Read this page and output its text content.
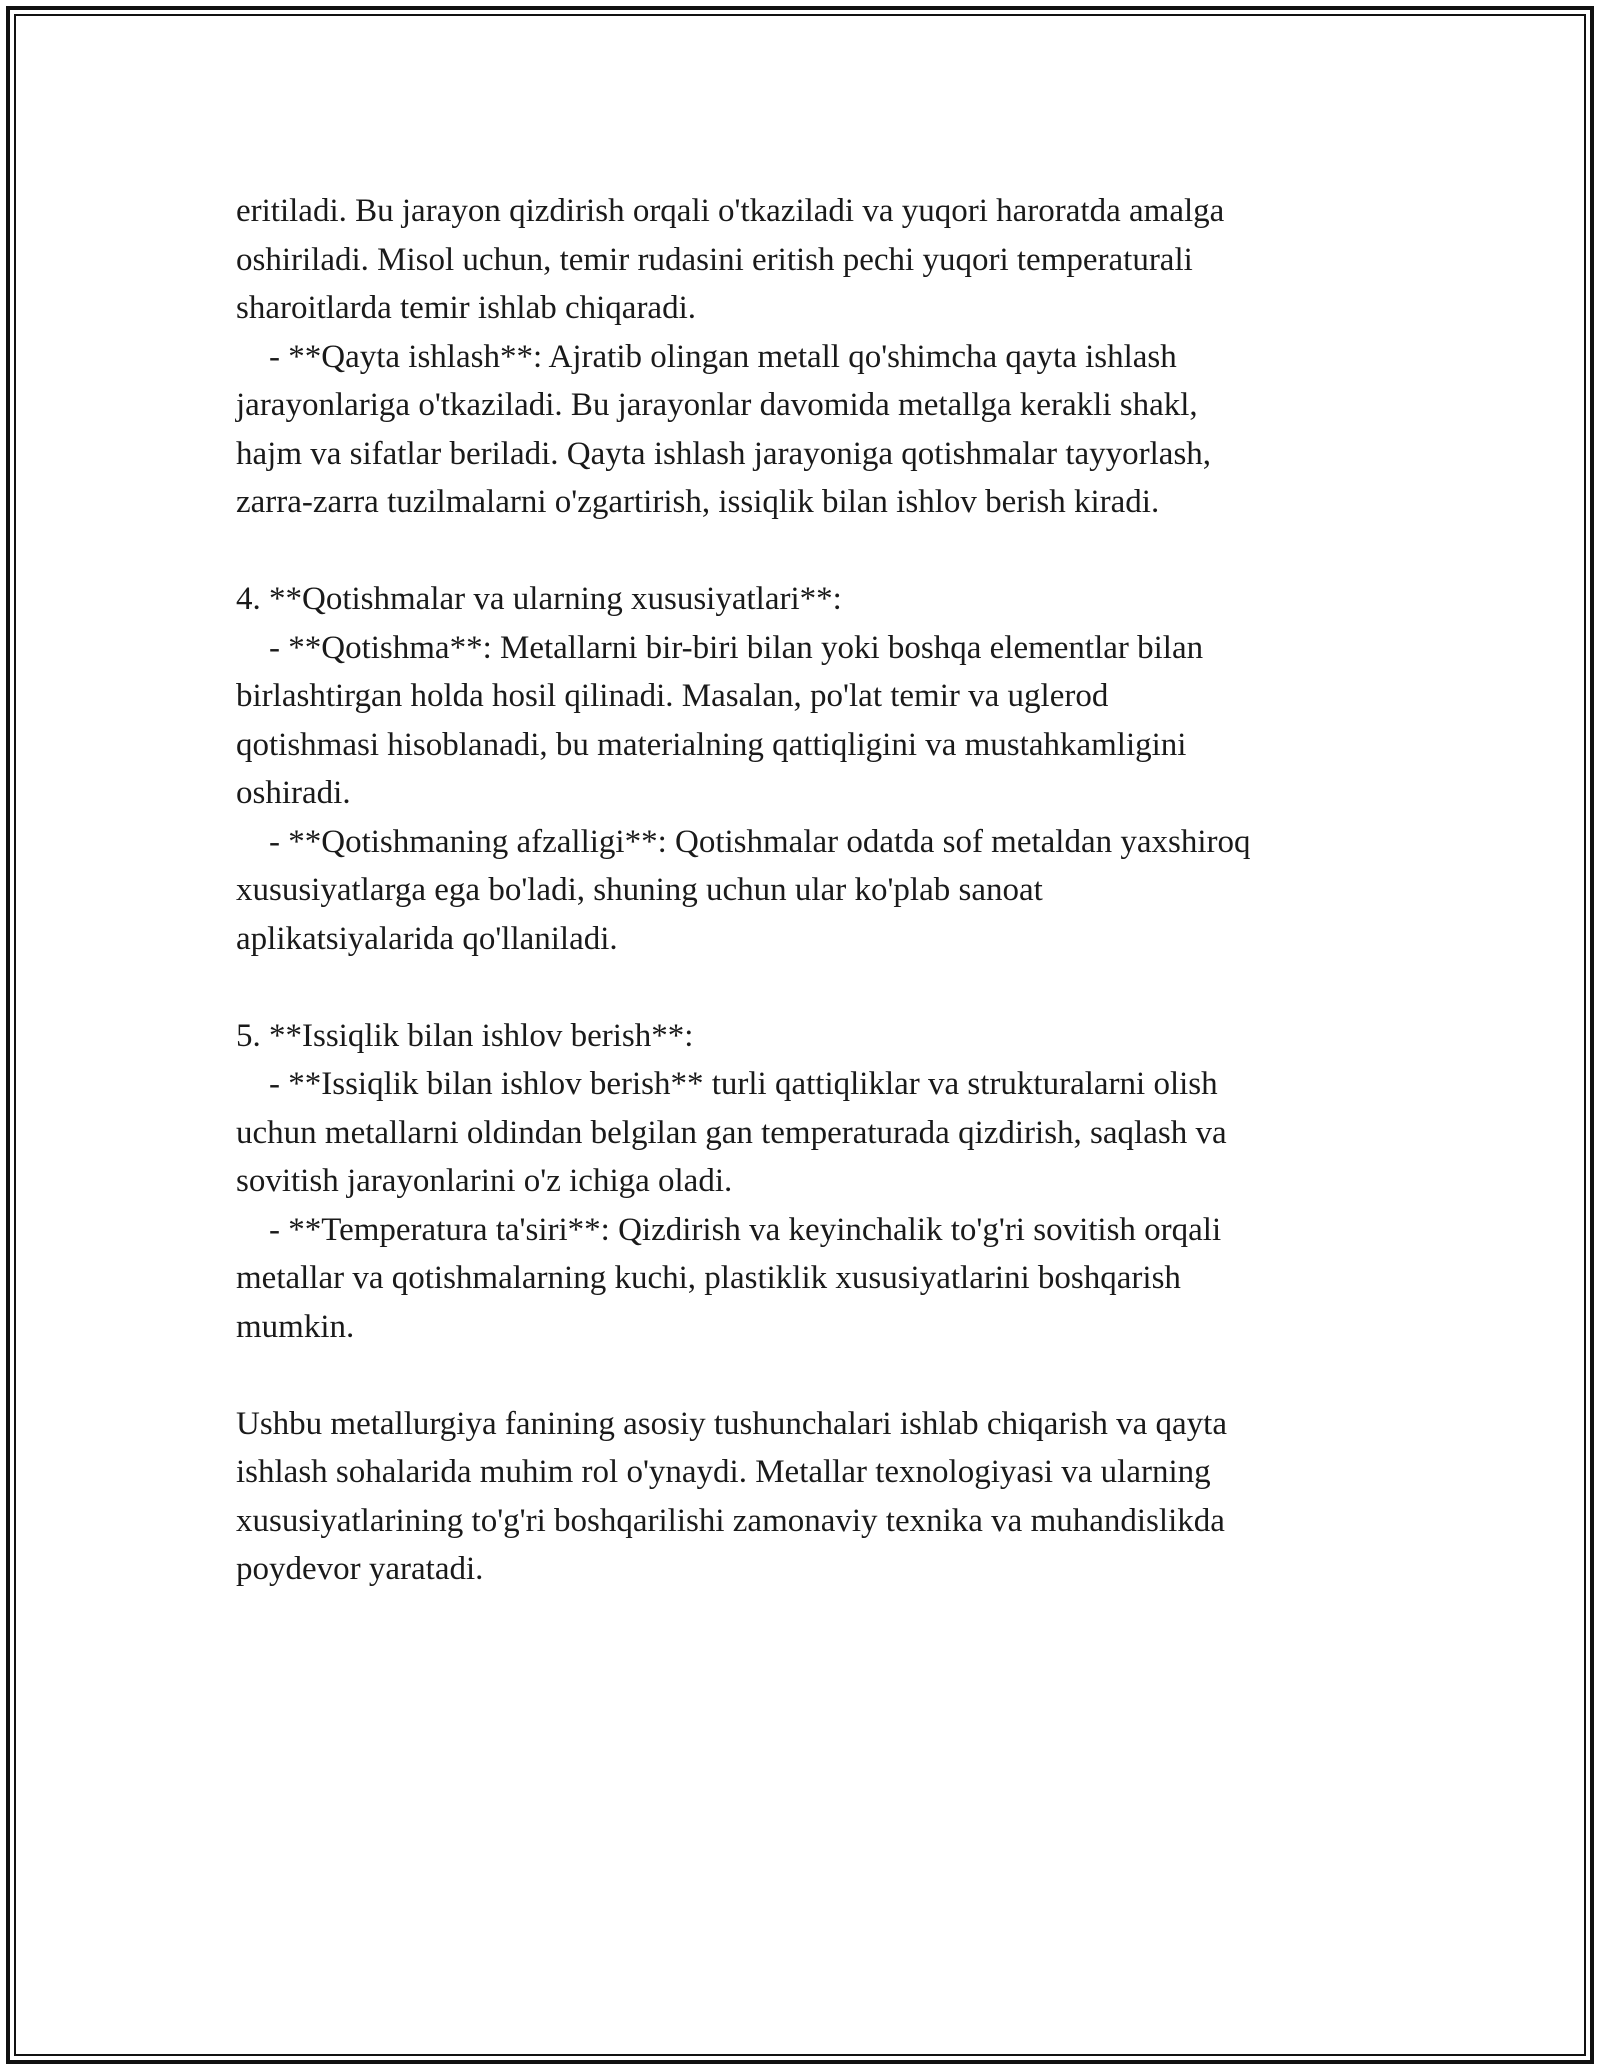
eritiladi. Bu jarayon qizdirish orqali o'tkaziladi va yuqori haroratda amalga
oshiriladi. Misol uchun, temir rudasini eritish pechi yuqori temperaturali
sharoitlarda temir ishlab chiqaradi.
- **Qayta ishlash**: Ajratib olingan metall qo'shimcha qayta ishlash
jarayonlariga o'tkaziladi. Bu jarayonlar davomida metallga kerakli shakl,
hajm va sifatlar beriladi. Qayta ishlash jarayoniga qotishmalar tayyorlash,
zarra-zarra tuzilmalarni o'zgartirish, issiqlik bilan ishlov berish kiradi.
4. **Qotishmalar va ularning xususiyatlari**:
- **Qotishma**: Metallarni bir-biri bilan yoki boshqa elementlar bilan
birlashtirgan holda hosil qilinadi. Masalan, po'lat temir va uglerod
qotishmasi hisoblanadi, bu materialning qattiqligini va mustahkamligini
oshiradi.
- **Qotishmaning afzalligi**: Qotishmalar odatda sof metaldan yaxshiroq
xususiyatlarga ega bo'ladi, shuning uchun ular ko'plab sanoat
aplikatsiyalarida qo'llaniladi.
5. **Issiqlik bilan ishlov berish**:
- **Issiqlik bilan ishlov berish** turli qattiqliklar va strukturalarni olish
uchun metallarni oldindan belgilan gan temperaturada qizdirish, saqlash va
sovitish jarayonlarini o'z ichiga oladi.
- **Temperatura ta'siri**: Qizdirish va keyinchalik to'g'ri sovitish orqali
metallar va qotishmalarning kuchi, plastiklik xususiyatlarini boshqarish
mumkin.
Ushbu metallurgiya fanining asosiy tushunchalari ishlab chiqarish va qayta
ishlash sohalarida muhim rol o'ynaydi. Metallar texnologiyasi va ularning
xususiyatlarining to'g'ri boshqarilishi zamonaviy texnika va muhandislikda
poydevor yaratadi.
